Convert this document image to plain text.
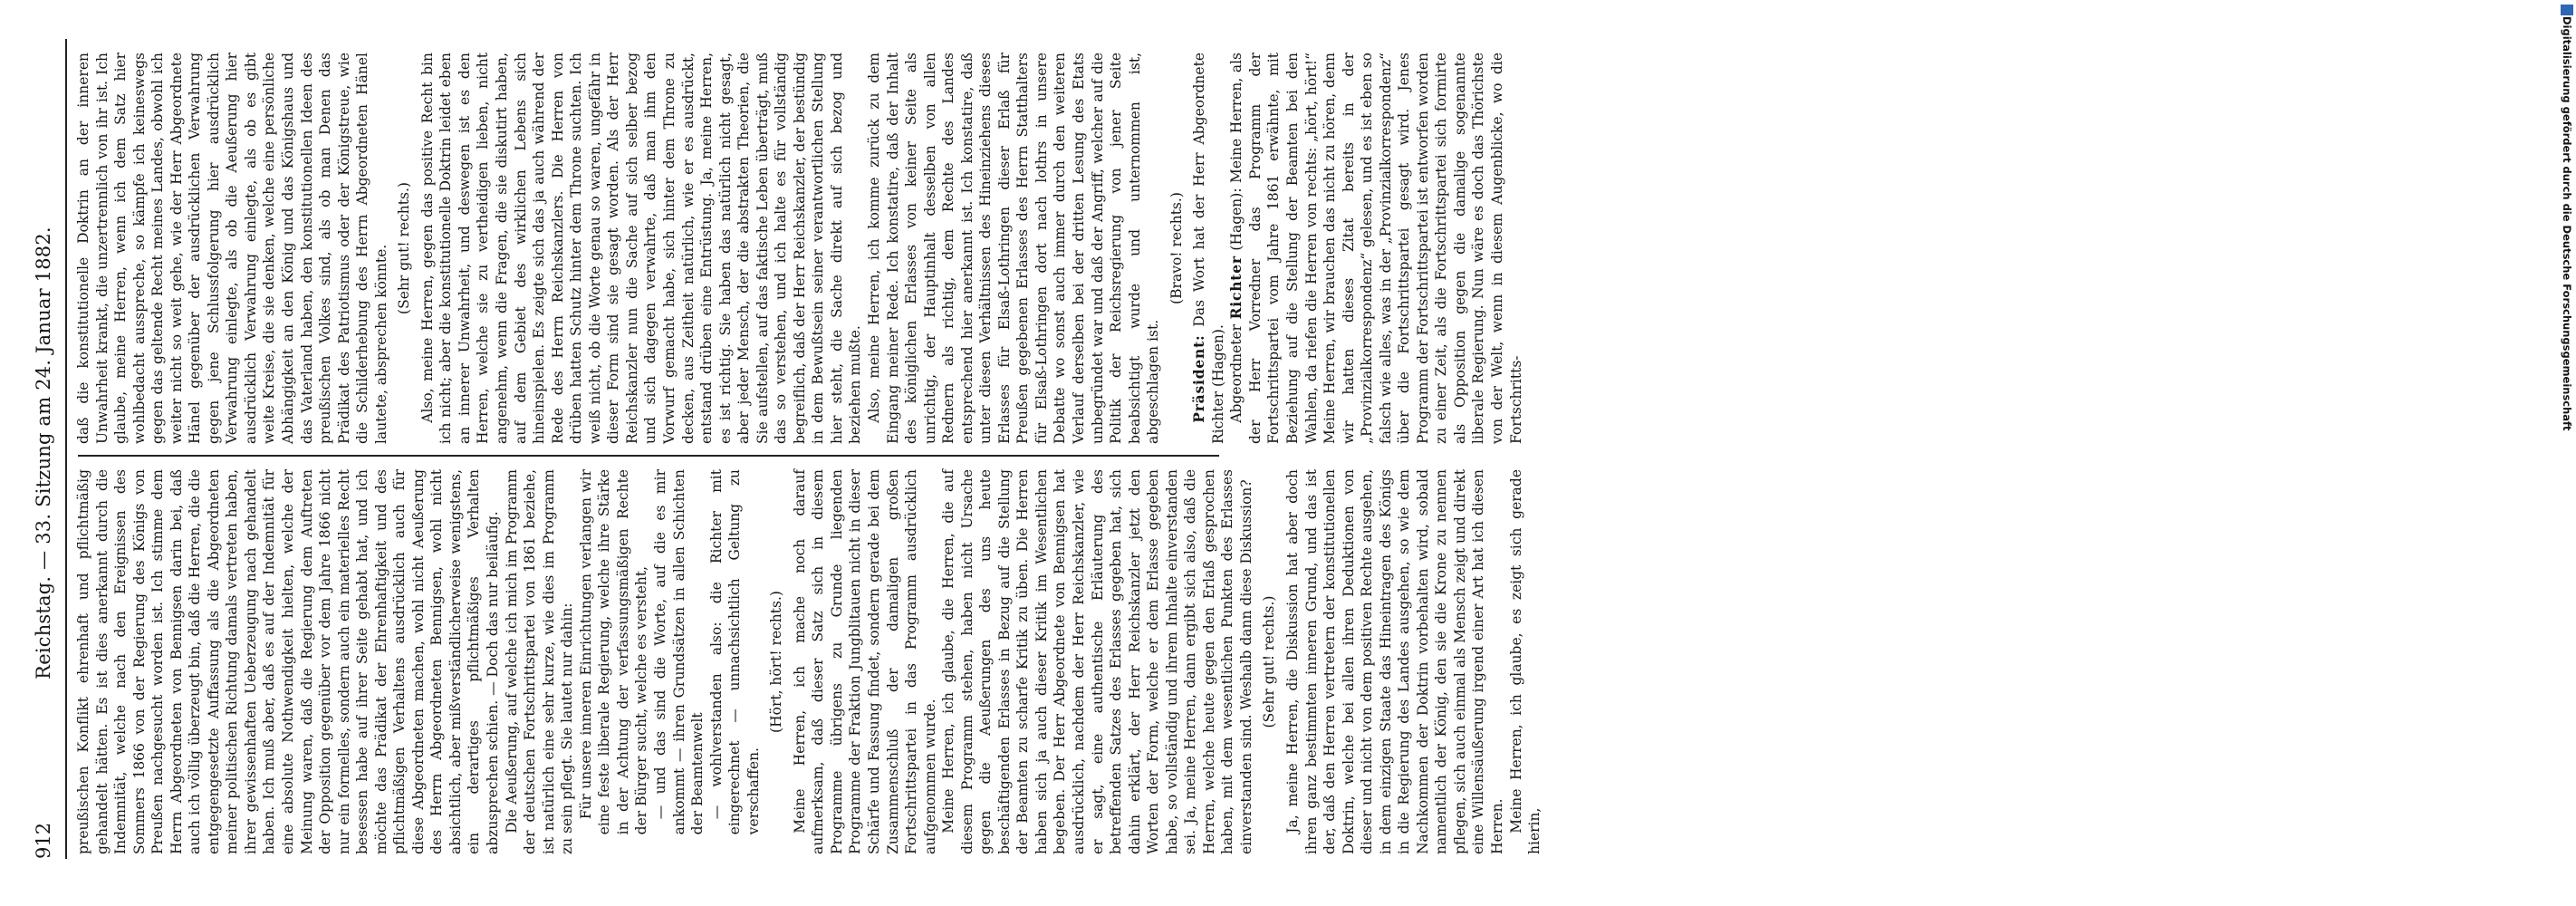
912
Reichstag. — 33. Sitzung am 24. Januar 1882. preußischen Konflikt ehrenhaft und pflichtmäßig gehandelt hätten. Es ist dies anerkannt durch die Indemnität, welche nach den Ereignissen des Sommers 1866 von der Regierung des Königs von Preußen nachgesucht worden ist. Ich stimme dem Herrn Abgeordneten von Bennigsen darin bei, daß auch ich völlig überzeugt bin, daß die Herren, die die entgegengesetzte Auffassung als die Abgeordneten meiner politischen Richtung damals vertreten haben, ihrer gewissenhaften Ueberzeugung nach gehandelt haben. Ich muß aber, daß es auf der Indemnität für eine absolute Nothwendigkeit hielten, welche der Meinung waren, daß die Regierung dem Auftreten der Opposition gegenüber vor dem Jahre 1866 nicht nur ein formelles, sondern auch ein materielles Recht besessen habe auf ihrer Seite gehabt hat, und ich möchte das Prädikat der Ehrenhaftigkeit und des pflichtmäßigen Verhaltens ausdrücklich auch für diese Abgeordneten machen, wohl nicht Aeußerung des Herrn Abgeordneten Bennigsen, wohl nicht absichtlich, aber mißverständlicherweise wenigstens, ein derartiges pflichtmäßiges Verhalten abzusprechen schien. — Doch das nur beiläufig. Die Aeußerung, auf welche ich mich im Programm der deutschen Fortschrittspartei von 1861 beziehe, ist natürlich eine sehr kurze, wie dies im Programm zu sein pflegt. Sie lautet nur dahin: Für unsere inneren Einrichtungen verlangen wir eine feste liberale Regierung, welche ihre Stärke in der Achtung der verfassungsmäßigen Rechte der Bürger sucht, welche es versteht, — und das sind die Worte, auf die es mir ankommt — ihren Grundsätzen in allen Schichten der Beamtenwelt — wohlverstanden also: die Richter mit eingerechnet — unnachsichtlich Geltung zu verschaffen.

(Hört, hört! rechts.) Meine Herren, ich mache noch darauf aufmerksam, daß dieser Satz sich in diesem Programme übrigens zu Grunde liegenden Programme der Fraktion Jungblitauen nicht in dieser Schärfe und Fassung findet, sondern gerade bei dem Zusammenschluß der damaligen großen Fortschrittspartei in das Programm ausdrücklich aufgenommen wurde. Meine Herren, ich glaube, die Herren, die auf diesem Programm stehen, haben nicht Ursache gegen die Aeußerungen des uns heute beschäftigenden Erlasses in Bezug auf die Stellung der Beamten zu scharfe Kritik zu üben. Die Herren haben sich ja auch dieser Kritik im Wesentlichen begeben. Der Herr Abgeordnete von Bennigsen hat ausdrücklich, nachdem der Herr Reichskanzler, wie er sagt, eine authentische Erläuterung des betreffenden Satzes des Erlasses gegeben hat, sich dahin erklärt, der Herr Reichskanzler jetzt den Worten der Form, welche er dem Erlasse gegeben habe, so vollständig und ihrem Inhalte einverstanden sei. Ja, meine Herren, dann ergibt sich also, daß die Herren, welche heute gegen den Erlaß gesprochen haben, mit dem wesentlichen Punkten des Erlasses einverstanden sind. Weshalb dann diese Diskussion? (Sehr gut! rechts.) Ja, meine Herren, die Diskussion hat aber doch ihren ganz bestimmten inneren Grund, und das ist der, daß den Herren vertretern der konstitutionellen Doktrin, welche bei allen ihren Deduktionen von dieser und nicht von dem positiven Rechte ausgehen, in dem einzigen Staate das Hineintragen des Königs in die Regierung des Landes ausgehen, so wie dem Nachkommen der Doktrin vorbehalten wird, sobald namentlich der König, den sie die Krone zu nennen pflegen, sich auch einmal als Mensch zeigt und direkt eine Willensäußerung irgend einer Art hat ich diesen Herren. Meine Herren, ich glaube, es zeigt sich gerade hierin,

daß die konstitutionelle Doktrin an der inneren Unwahrheit krankt, die unzertrennlich von ihr ist. Ich glaube, meine Herren, wenn ich dem Satz hier wohlbedacht ausspreche, so kämpfe ich keineswegs gegen das geltende Recht meines Landes, obwohl ich weiter nicht so weit gehe, wie der Herr Abgeordnete Hänel gegenüber der ausdrücklichen Verwahrung gegen jene Schlussfolgerung hier ausdrücklich Verwahrung einlegte, als ob die Aeußerung hier ausdrücklich Verwahrung einlegte, als ob es gibt weite Kreise, die sie denken, welche eine persönliche Abhängigkeit an den König und das Königshaus und das Vaterland haben, den konstitutionellen Ideen des preußischen Volkes sind, als ob man Denen das Prädikat des Patriotismus oder der Königstreue, wie die Schilderhebung des Herrn Abgeordneten Hänel lautete, absprechen könnte. (Sehr gut! rechts.) Also, meine Herren, gegen das positive Recht bin ich nicht; aber die konstitutionelle Doktrin leidet eben an innerer Unwahrheit, und deswegen ist es den Herren, welche sie zu vertheidigen lieben, nicht angenehm, wenn die Fragen, die sie diskutirt haben, auf dem Gebiet des wirklichen Lebens sich hineinspielen. Es zeigte sich das ja auch während der Rede des Herrn Reichskanzlers. Die Herren von drüben hatten Schutz hinter dem Throne suchten. Ich weiß nicht, ob die Worte genau so waren, ungefähr in dieser Form sind sie gesagt worden. Als der Herr Reichskanzler nun die Sache auf sich selber bezog und sich dagegen verwahrte, daß man ihm den Vorwurf gemacht habe, sich hinter dem Throne zu decken, aus Zeitheit natürlich, wie er es ausdrückt, entstand drüben eine Entrüstung. Ja, meine Herren, es ist richtig. Sie haben das natürlich nicht gesagt, aber jeder Mensch, der die abstrakten Theorien, die Sie aufstellen, auf das faktische Leben überträgt, muß das so verstehen, und ich halte es für vollständig begreiflich, daß der Herr Reichskanzler, der bestündig in dem Bewußtsein seiner verantwortlichen Stellung hier steht, die Sache direkt auf sich bezog und beziehen mußte. Also, meine Herren, ich komme zurück zu dem Eingang meiner Rede. Ich konstatire, daß der Inhalt des königlichen Erlasses von keiner Seite als unrichtig, der Hauptinhalt desselben von allen Rednern als richtig, dem Rechte des Landes entsprechend hier anerkannt ist. Ich konstatire, daß unter diesen Verhältnissen des Hineinziehens dieses Erlasses für Elsaß-Lothringen dieser Erlaß für Preußen gegebenen Erlasses des Herrn Statthalters für Elsaß-Lothringen dort nach lothrs in unsere Debatte wo sonst auch immer durch den weiteren Verlauf derselben bei der dritten Lesung des Etats unbegründet war und daß der Angriff, welcher auf die Politik der Reichsregierung von jener Seite beabsichtigt wurde und unternommen ist, abgeschlagen ist.

(Bravo! rechts.)

Präsident: Das Wort hat der Herr Abgeordnete Richter (Hagen). Abgeordneter Richter (Hagen): Meine Herren, als der Herr Vorredner das Programm der Fortschrittspartei vom Jahre 1861 erwähnte, mit Beziehung auf die Stellung der Beamten bei den Wahlen, da riefen die Herren von rechts: „hört, hört!“ Meine Herren, wir brauchen das nicht zu hören, denn wir hatten dieses Zitat bereits in der „Provinzialkorrespondenz“ gelesen, und es ist eben so falsch wie alles, was in der „Provinzialkorrespondenz“ über die Fortschrittspartei gesagt wird. Jenes Programm der Fortschrittspartei ist entworfen worden zu einer Zeit, als die Fortschrittspartei sich formirte als Opposition gegen die damalige sogenannte liberale Regierung. Nun wäre es doch das Thörichste von der Welt, wenn in diesem Augenblicke, wo die Fortschritts-	Digitalisierung gefördert durch die Deutsche Forschungsgemeinschaft
